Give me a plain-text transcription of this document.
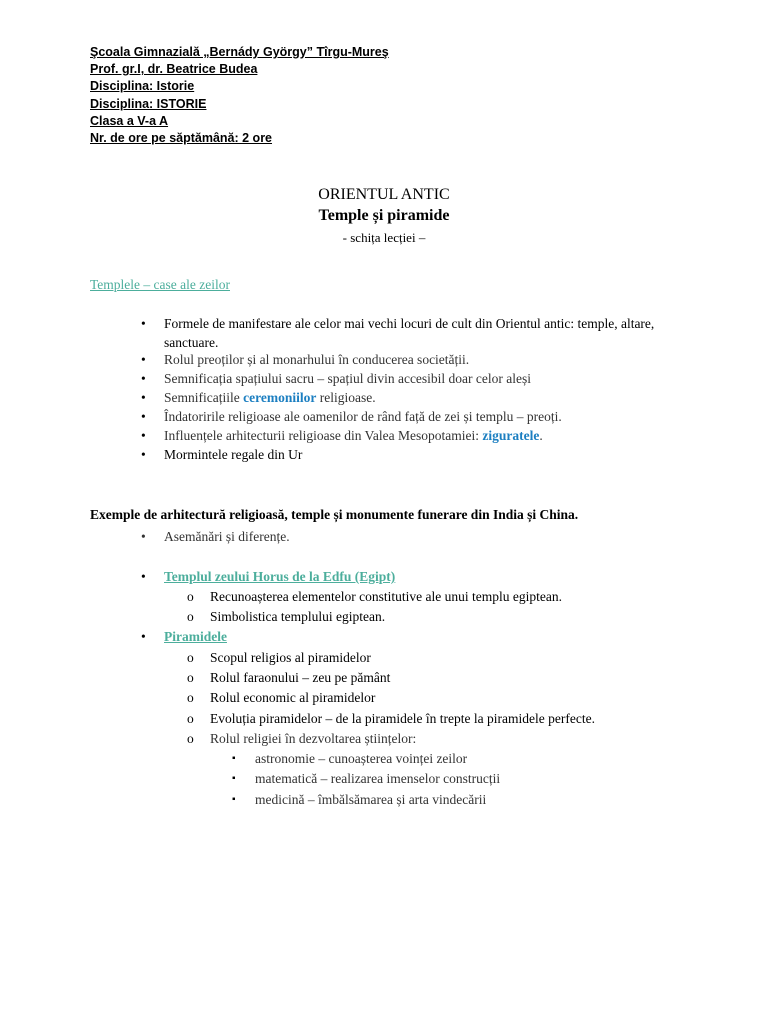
Şcoala Gimnazială „Bernády György” Tîrgu-Mureş
Prof. gr.I, dr. Beatrice Budea
Disciplina: Istorie
Disciplina: ISTORIE
Clasa a V-a A
Nr. de ore pe săptămână: 2 ore
ORIENTUL ANTIC
Temple și piramide
- schița lecției –
Templele – case ale zeilor
• Formele de manifestare ale celor mai vechi locuri de cult din Orientul antic: temple, altare, sanctuare.
• Rolul preoților și al monarhului în conducerea societății.
• Semnificația spațiului sacru – spațiul divin accesibil doar celor aleși
• Semnificațiile ceremoniilor religioase.
• Îndatoririle religioase ale oamenilor de rând față de zei și templu – preoți.
• Influențele arhitecturii religioase din Valea Mesopotamiei: ziguratele.
• Mormintele regale din Ur
Exemple de arhitectură religioasă, temple și monumente funerare din India și China.
• Asemănări și diferențe.
• Templul zeului Horus de la Edfu (Egipt)
o Recunoașterea elementelor constitutive ale unui templu egiptean.
o Simbolistica templului egiptean.
• Piramidele
o Scopul religios al piramidelor
o Rolul faraonului – zeu pe pământ
o Rolul economic al piramidelor
o Evoluția piramidelor – de la piramidele în trepte la piramidele perfecte.
o Rolul religiei în dezvoltarea științelor:
▪ astronomie – cunoașterea voinței zeilor
▪ matematică – realizarea imenselor construcții
▪ medicină – îmbălsămarea și arta vindecării
